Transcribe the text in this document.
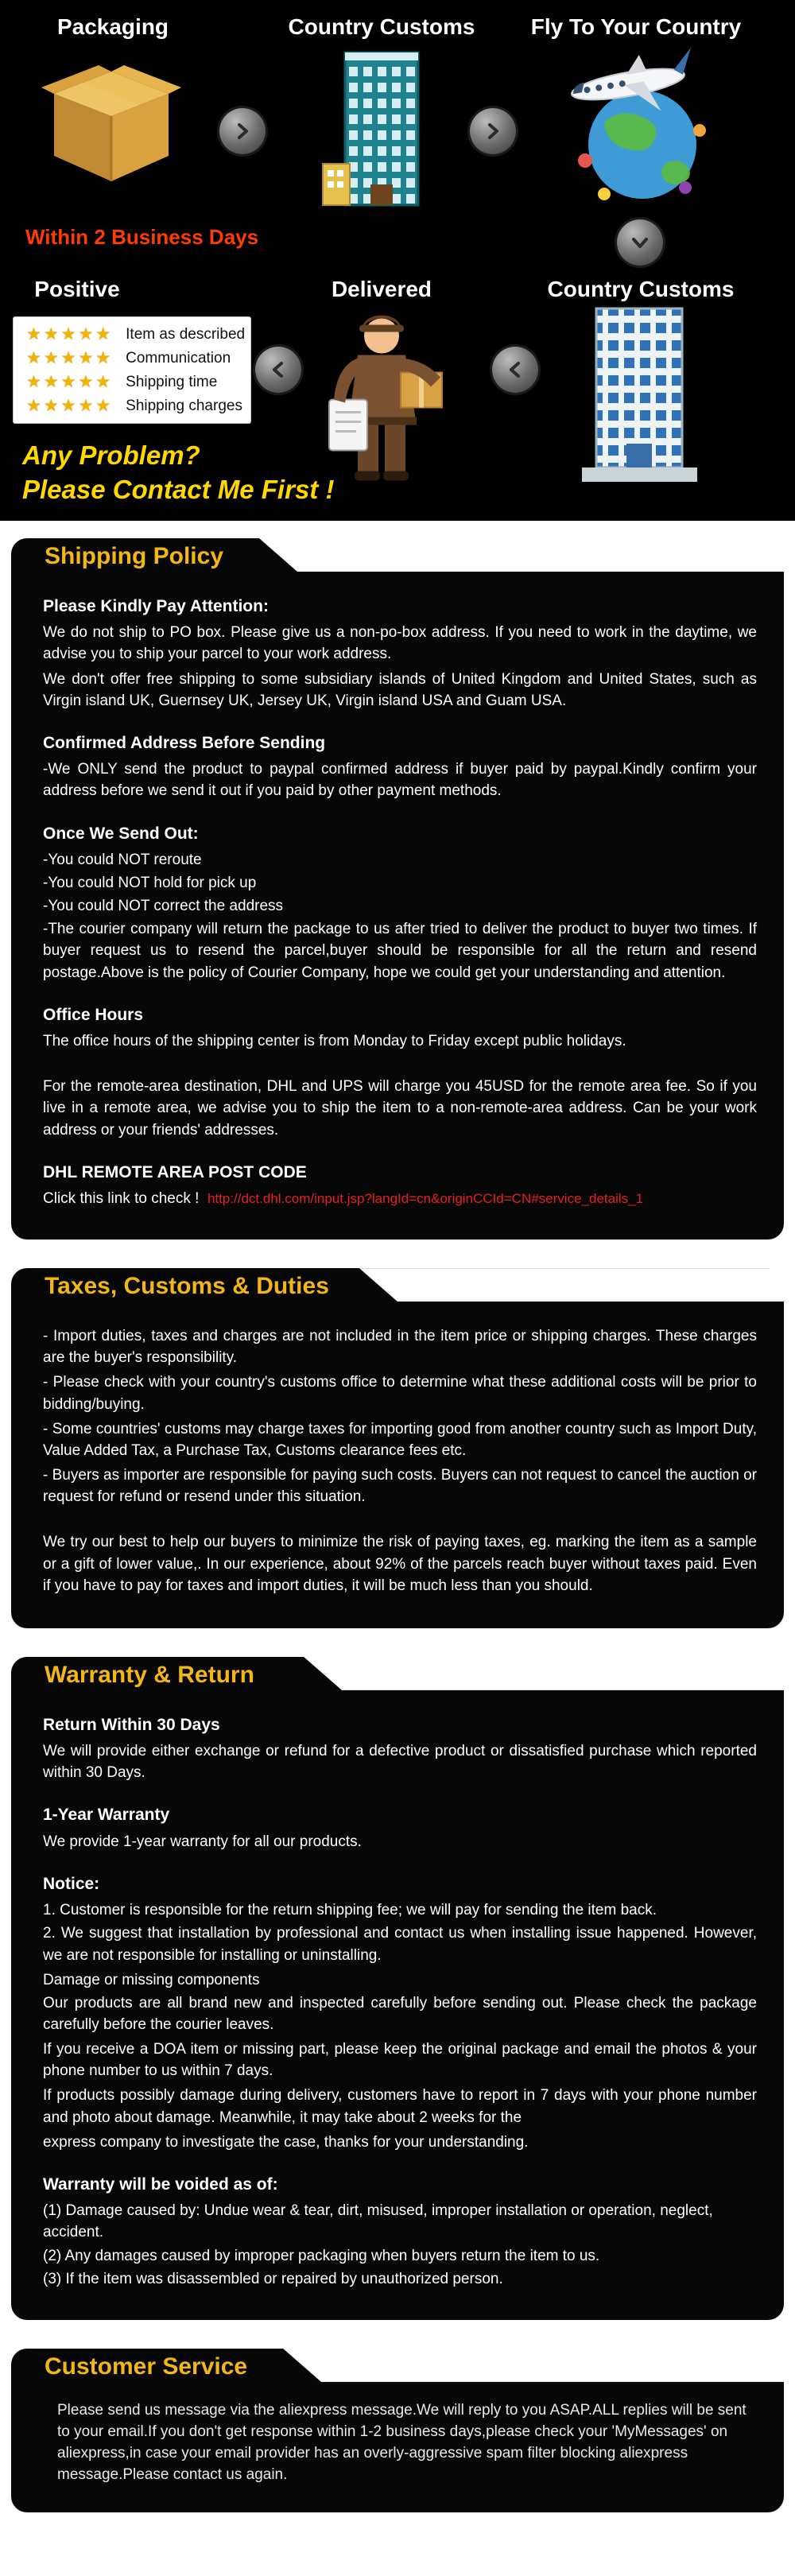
Packaging	Country Customs	Fly To Your Country
Within 2 Business Days
Positive	Delivered	Country Customs
★★★★★ Item as described
★★★★★ Communication
★★★★★ Shipping time
★★★★★ Shipping charges
Any Problem?
Please Contact Me First !
Shipping Policy
Please Kindly Pay Attention:

We do not ship to PO box. Please give us a non-po-box address. If you need to work in the daytime, we advise you to ship your parcel to your work address.

We don't offer free shipping to some subsidiary islands of United Kingdom and United States, such as Virgin island UK, Guernsey UK, Jersey UK, Virgin island USA and Guam USA.

Confirmed Address Before Sending

-We ONLY send the product to paypal confirmed address if buyer paid by paypal.Kindly confirm your address before we send it out if you paid by other payment methods.

Once We Send Out:

-You could NOT reroute

-You could NOT hold for pick up

-You could NOT correct the address

-The courier company will return the package to us after tried to deliver the product to buyer two times. If buyer request us to resend the parcel,buyer should be responsible for all the return and resend postage.Above is the policy of Courier Company, hope we could get your understanding and attention.

Office Hours

The office hours of the shipping center is from Monday to Friday except public holidays.

For the remote-area destination, DHL and UPS will charge you 45USD for the remote area fee. So if you live in a remote area, we advise you to ship the item to a non-remote-area address. Can be your work address or your friends' addresses.

DHL REMOTE AREA POST CODE

Click this link to check !  http://dct.dhl.com/input.jsp?langId=cn&originCCId=CN#service_details_1

Taxes, Customs & Duties

- Import duties, taxes and charges are not included in the item price or shipping charges. These charges are the buyer's responsibility.

- Please check with your country's customs office to determine what these additional costs will be prior to bidding/buying.

- Some countries' customs may charge taxes for importing good from another country such as Import Duty, Value Added Tax, a Purchase Tax, Customs clearance fees etc.

- Buyers as importer are responsible for paying such costs. Buyers can not request to cancel the auction or request for refund or resend under this situation.

We try our best to help our buyers to minimize the risk of paying taxes, eg. marking the item as a sample or a gift of lower value,. In our experience, about 92% of the parcels reach buyer without taxes paid. Even if you have to pay for taxes and import duties, it will be much less than you should.

Warranty & Return
Return Within 30 Days

We will provide either exchange or refund for a defective product or dissatisfied purchase which reported within 30 Days.

1-Year Warranty

We provide 1-year warranty for all our products.

Notice:

1. Customer is responsible for the return shipping fee; we will pay for sending the item back.

2. We suggest that installation by professional and contact us when installing issue happened. However, we are not responsible for installing or uninstalling.

Damage or missing components

Our products are all brand new and inspected carefully before sending out. Please check the package carefully before the courier leaves.

If you receive a DOA item or missing part, please keep the original package and email the photos & your phone number to us within 7 days.

If products possibly damage during delivery, customers have to report in 7 days with your phone number and photo about damage. Meanwhile, it may take about 2 weeks for the

express company to investigate the case, thanks for your understanding.

Warranty will be voided as of:

(1) Damage caused by: Undue wear & tear, dirt, misused, improper installation or operation, neglect, accident.

(2) Any damages caused by improper packaging when buyers return the item to us.

(3) If the item was disassembled or repaired by unauthorized person.

Customer Service

Please send us message via the aliexpress message.We will reply to you ASAP.ALL replies will be sent to your email.If you don't get response within 1-2 business days,please check your 'MyMessages' on aliexpress,in case your email provider has an overly-aggressive spam filter blocking aliexpress message.Please contact us again.
